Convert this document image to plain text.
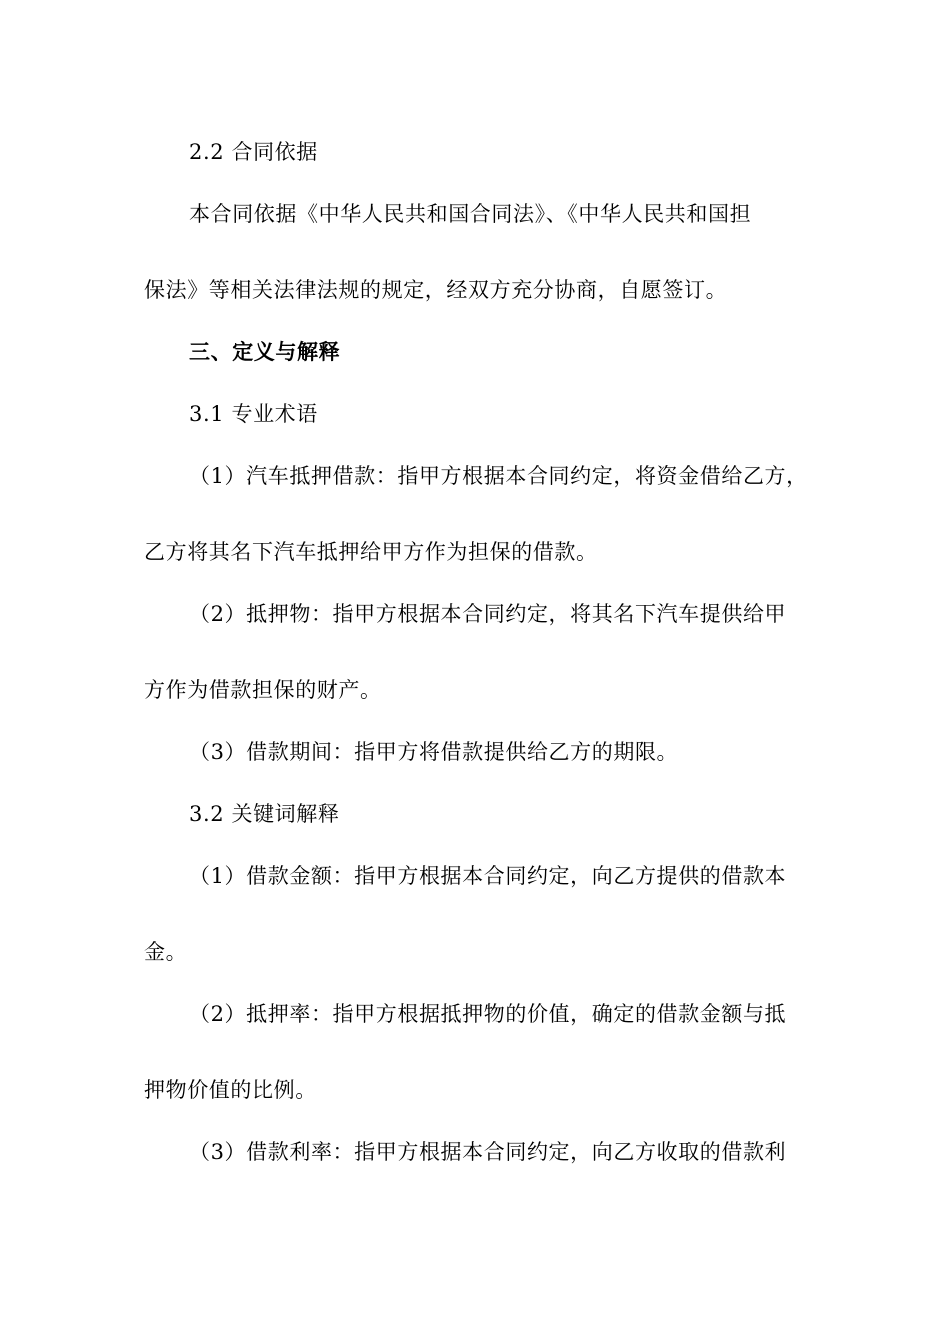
2.2 合同依据
本合同依据《中华人民共和国合同法》、《中华人民共和国担
保法》等相关法律法规的规定，经双方充分协商，自愿签订。
三、定义与解释
3.1 专业术语
（1）汽车抵押借款：指甲方根据本合同约定，将资金借给乙方，
乙方将其名下汽车抵押给甲方作为担保的借款。
（2）抵押物：指甲方根据本合同约定，将其名下汽车提供给甲
方作为借款担保的财产。
（3）借款期间：指甲方将借款提供给乙方的期限。
3.2 关键词解释
（1）借款金额：指甲方根据本合同约定，向乙方提供的借款本
金。
（2）抵押率：指甲方根据抵押物的价值，确定的借款金额与抵
押物价值的比例。
（3）借款利率：指甲方根据本合同约定，向乙方收取的借款利
